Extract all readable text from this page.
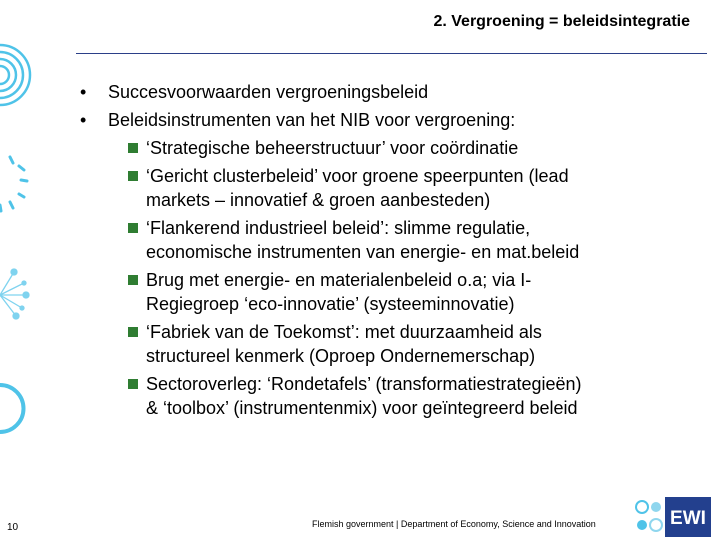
2. Vergroening = beleidsintegratie
• Succesvoorwaarden vergroeningsbeleid
• Beleidsinstrumenten van het NIB voor vergroening:
‘Strategische beheerstructuur’ voor coördinatie
‘Gericht clusterbeleid’ voor groene speerpunten (lead
markets – innovatief & groen aanbesteden)
‘Flankerend industrieel beleid’: slimme regulatie,
economische instrumenten van energie- en mat.beleid
Brug met energie- en materialenbeleid o.a; via I-
Regiegroep ‘eco-innovatie’ (systeeminnovatie)
‘Fabriek van de Toekomst’: met duurzaamheid als
structureel kenmerk (Oproep Ondernemerschap)
Sectoroverleg: ‘Rondetafels’ (transformatiestrategieën)
& ‘toolbox’ (instrumentenmix) voor geïntegreerd beleid
10	Flemish government | Department of Economy, Science and Innovation	EWI
